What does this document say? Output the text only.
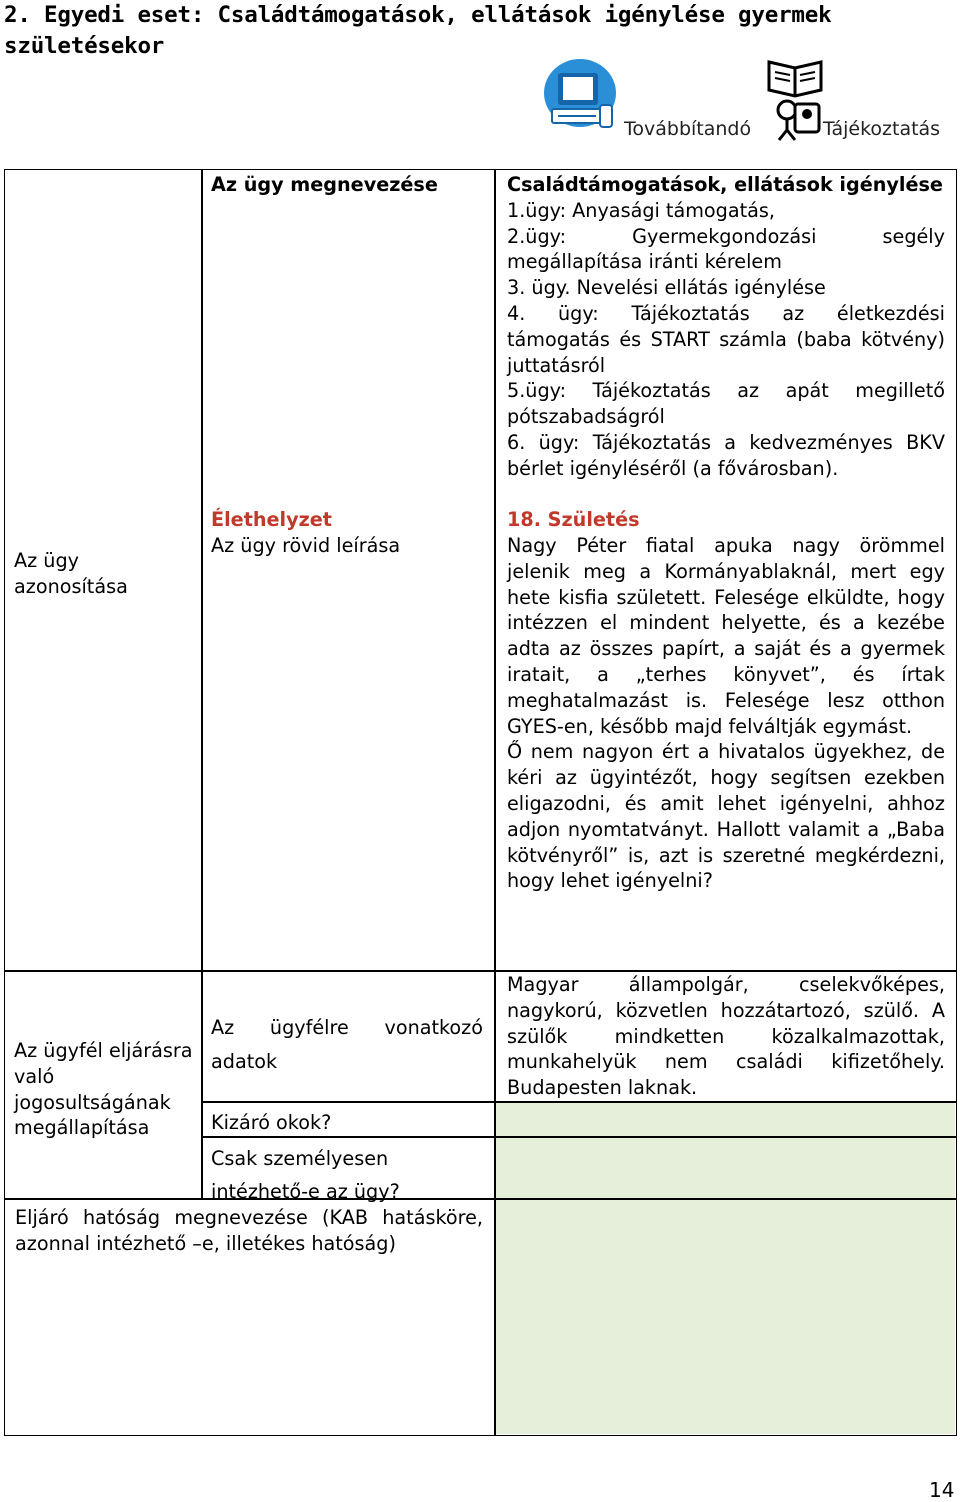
2. Egyedi eset: Családtámogatások, ellátások igénylése gyermek
születésekor
Továbbítandó	Tájékoztatás
Az ügy azonosítása
Az ügyfél eljárásra való jogosultságának megállapítása
Az ügy megnevezése
Élethelyzet
Az ügy rövid leírása
Az ügyfélre vonatkozó adatok
Kizáró okok?
Csak személyesen intézhető-e az ügy?
Eljáró hatóság megnevezése (KAB hatásköre, azonnal intézhető –e, illetékes hatóság)

Családtámogatások, ellátások igénylése

1.ügy: Anyasági támogatás,

2.ügy: Gyermekgondozási segély megállapítása iránti kérelem

3. ügy. Nevelési ellátás igénylése

4. ügy: Tájékoztatás az életkezdési támogatás és START számla (baba kötvény) juttatásról

5.ügy: Tájékoztatás az apát megillető pótszabadságról

6. ügy: Tájékoztatás a kedvezményes BKV bérlet igényléséről (a fővárosban).

18. Születés

Nagy Péter fiatal apuka nagy örömmel jelenik meg a Kormányablaknál, mert egy hete kisfia született. Felesége elküldte, hogy intézzen el mindent helyette, és a kezébe adta az összes papírt, a saját és a gyermek iratait, a „terhes könyvet”, és írtak meghatalmazást is. Felesége lesz otthon GYES-en, később majd felváltják egymást.

Ő nem nagyon ért a hivatalos ügyekhez, de kéri az ügyintézőt, hogy segítsen ezekben eligazodni, és amit lehet igényelni, ahhoz adjon nyomtatványt. Hallott valamit a „Baba kötvényről” is, azt is szeretné megkérdezni, hogy lehet igényelni?

Magyar állampolgár, cselekvőképes, nagykorú, közvetlen hozzátartozó, szülő. A szülők mindketten közalkalmazottak, munkahelyük nem családi kifizetőhely. Budapesten laknak.
14
